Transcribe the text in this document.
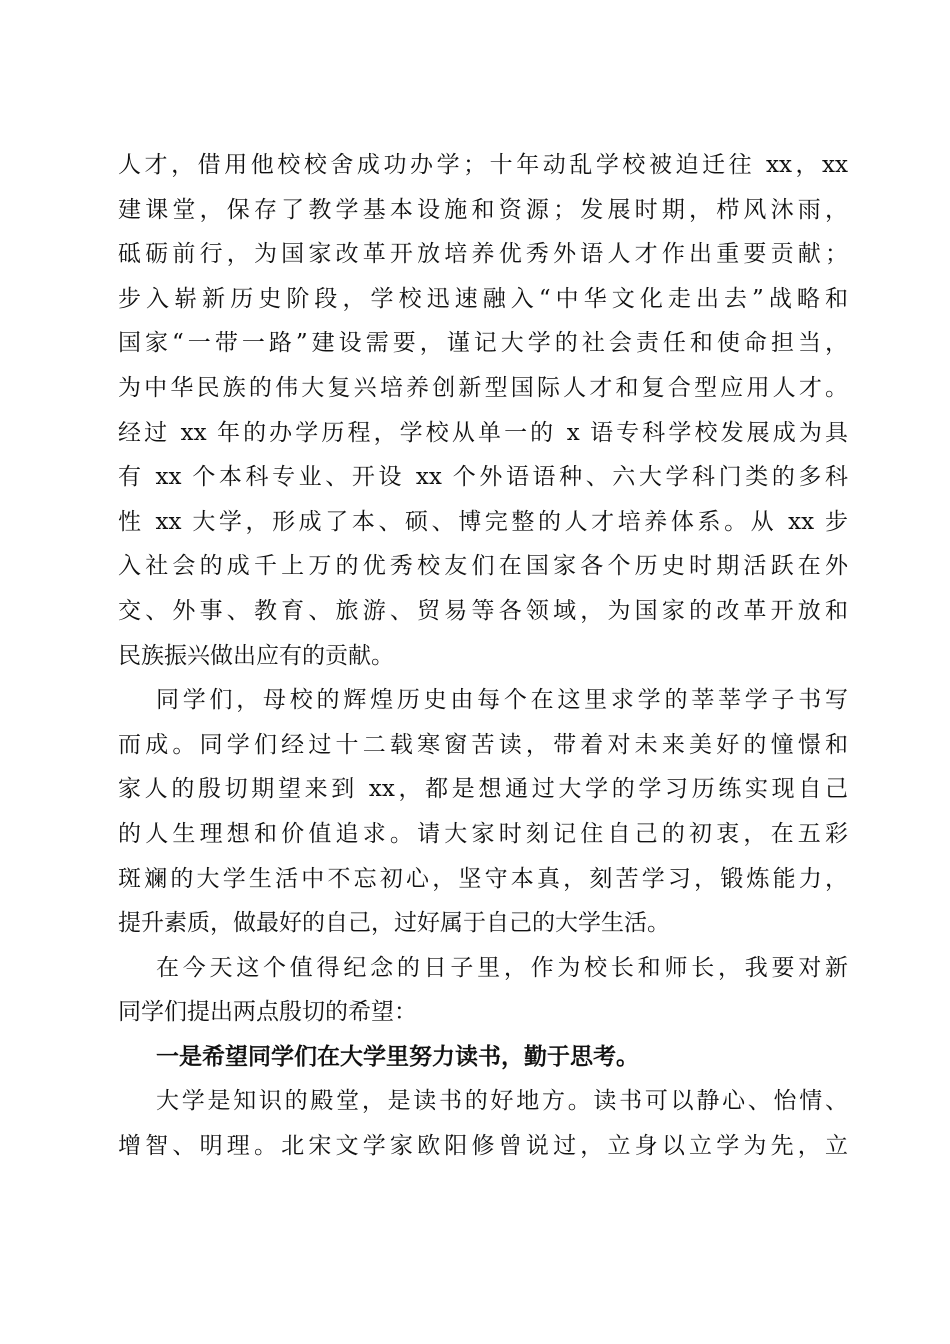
人才，借用他校校舍成功办学；十年动乱学校被迫迁往 xx，xx
建课堂，保存了教学基本设施和资源；发展时期，栉风沐雨，
砥砺前行，为国家改革开放培养优秀外语人才作出重要贡献；
步入崭新历史阶段，学校迅速融入“中华文化走出去”战略和
国家“一带一路”建设需要，谨记大学的社会责任和使命担当，
为中华民族的伟大复兴培养创新型国际人才和复合型应用人才。
经过 xx 年的办学历程，学校从单一的 x 语专科学校发展成为具
有 xx 个本科专业、开设 xx 个外语语种、六大学科门类的多科
性 xx 大学，形成了本、硕、博完整的人才培养体系。从 xx 步
入社会的成千上万的优秀校友们在国家各个历史时期活跃在外
交、外事、教育、旅游、贸易等各领域，为国家的改革开放和
民族振兴做出应有的贡献。
同学们，母校的辉煌历史由每个在这里求学的莘莘学子书写
而成。同学们经过十二载寒窗苦读，带着对未来美好的憧憬和
家人的殷切期望来到 xx，都是想通过大学的学习历练实现自己
的人生理想和价值追求。请大家时刻记住自己的初衷，在五彩
斑斓的大学生活中不忘初心，坚守本真，刻苦学习，锻炼能力，
提升素质，做最好的自己，过好属于自己的大学生活。
在今天这个值得纪念的日子里，作为校长和师长，我要对新
同学们提出两点殷切的希望：
一是希望同学们在大学里努力读书，勤于思考。
大学是知识的殿堂，是读书的好地方。读书可以静心、怡情、
增智、明理。北宋文学家欧阳修曾说过，立身以立学为先，立
